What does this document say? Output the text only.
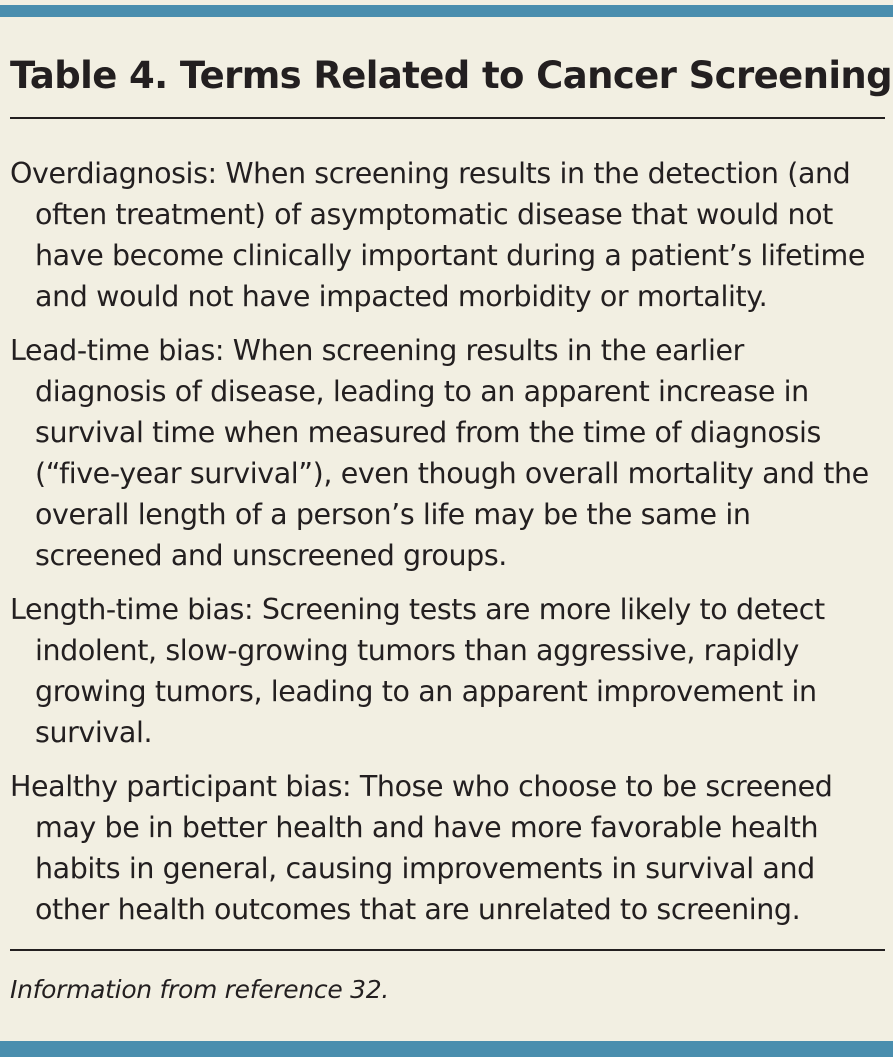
Table 4. Terms Related to Cancer Screening

Overdiagnosis: When screening results in the detection (and often treatment) of asymptomatic disease that would not have become clinically important during a patient’s lifetime and would not have impacted morbidity or mortality.

Lead-time bias: When screening results in the earlier diagnosis of disease, leading to an apparent increase in survival time when measured from the time of diagnosis (“five-year survival”), even though overall mortality and the overall length of a person’s life may be the same in screened and unscreened groups.

Length-time bias: Screening tests are more likely to detect indolent, slow-growing tumors than aggressive, rapidly growing tumors, leading to an apparent improvement in survival.

Healthy participant bias: Those who choose to be screened may be in better health and have more favorable health habits in general, causing improvements in survival and other health outcomes that are unrelated to screening.

Information from reference 32.
